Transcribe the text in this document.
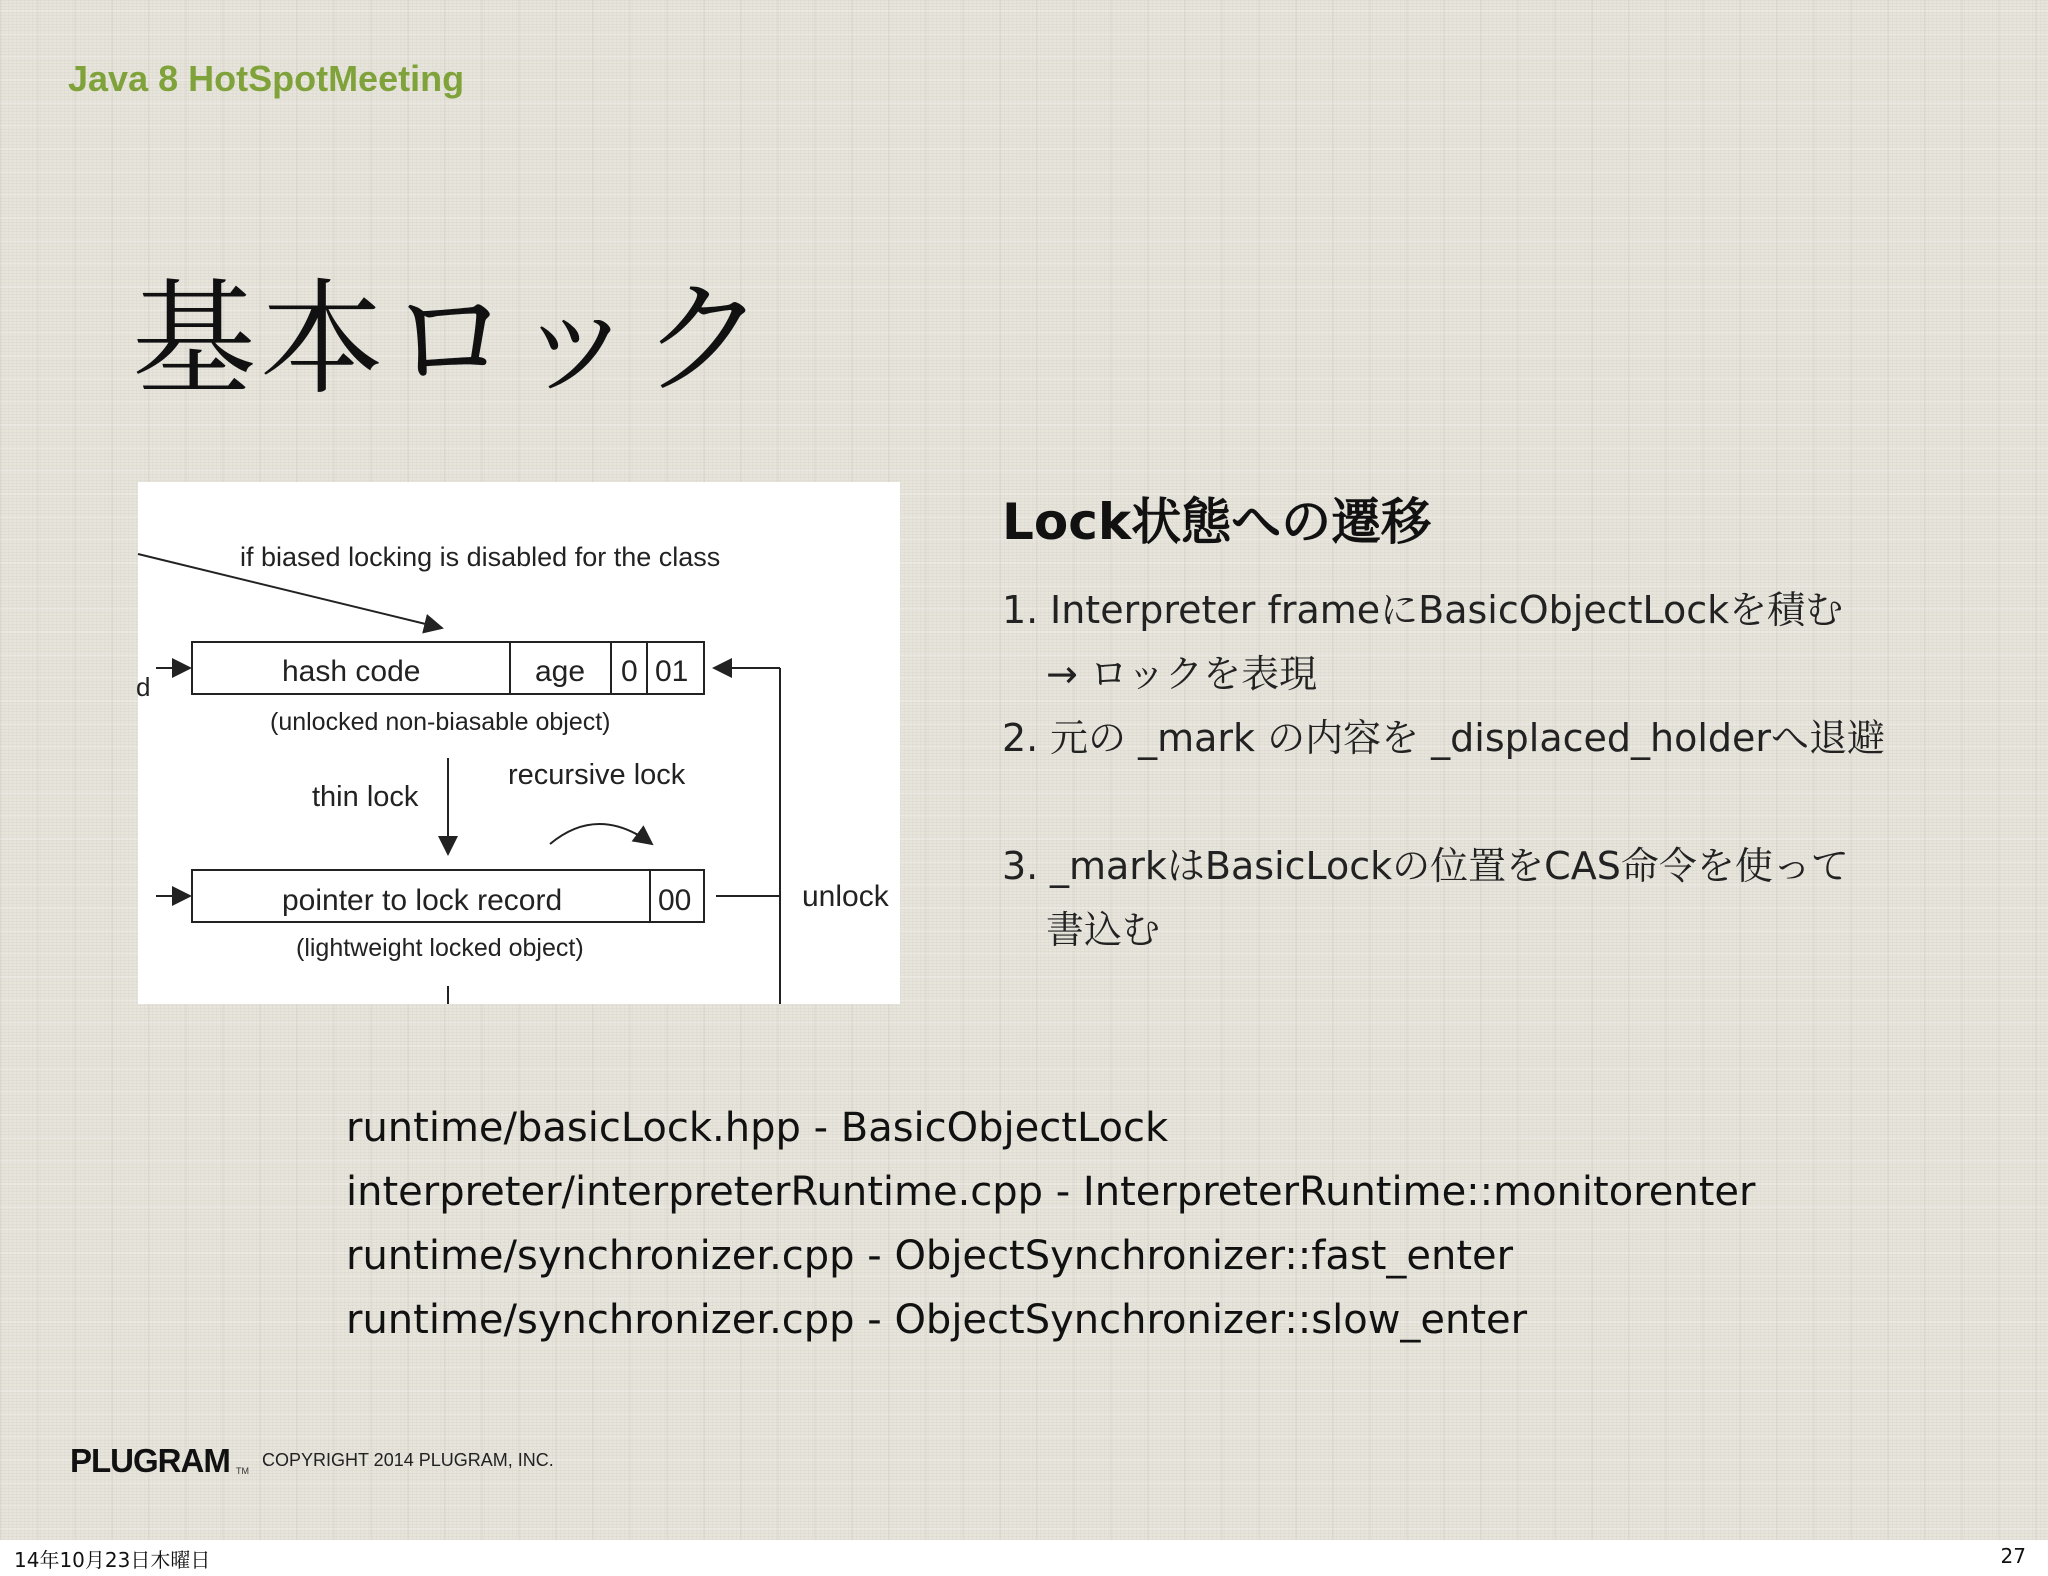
Java 8 HotSpotMeeting
基本ロック
if biased locking is disabled for the class
d	hash code	age 0 01
(unlocked non-biasable object)
thin lock
recursive lock
pointer to lock record	00
(lightweight locked object)
unlock
Lock状態への遷移
1. Interpreter frameにBasicObjectLockを積む
→ ロックを表現
2. 元の _mark の内容を _displaced_holderへ退避
3. _markはBasicLockの位置をCAS命令を使って
書込む
runtime/basicLock.hpp - BasicObjectLock
interpreter/interpreterRuntime.cpp - InterpreterRuntime::monitorenter
runtime/synchronizer.cpp - ObjectSynchronizer::fast_enter
runtime/synchronizer.cpp - ObjectSynchronizer::slow_enter
PLUGRAM TM
COPYRIGHT 2014 PLUGRAM, INC.
14年10月23日木曜日	27
